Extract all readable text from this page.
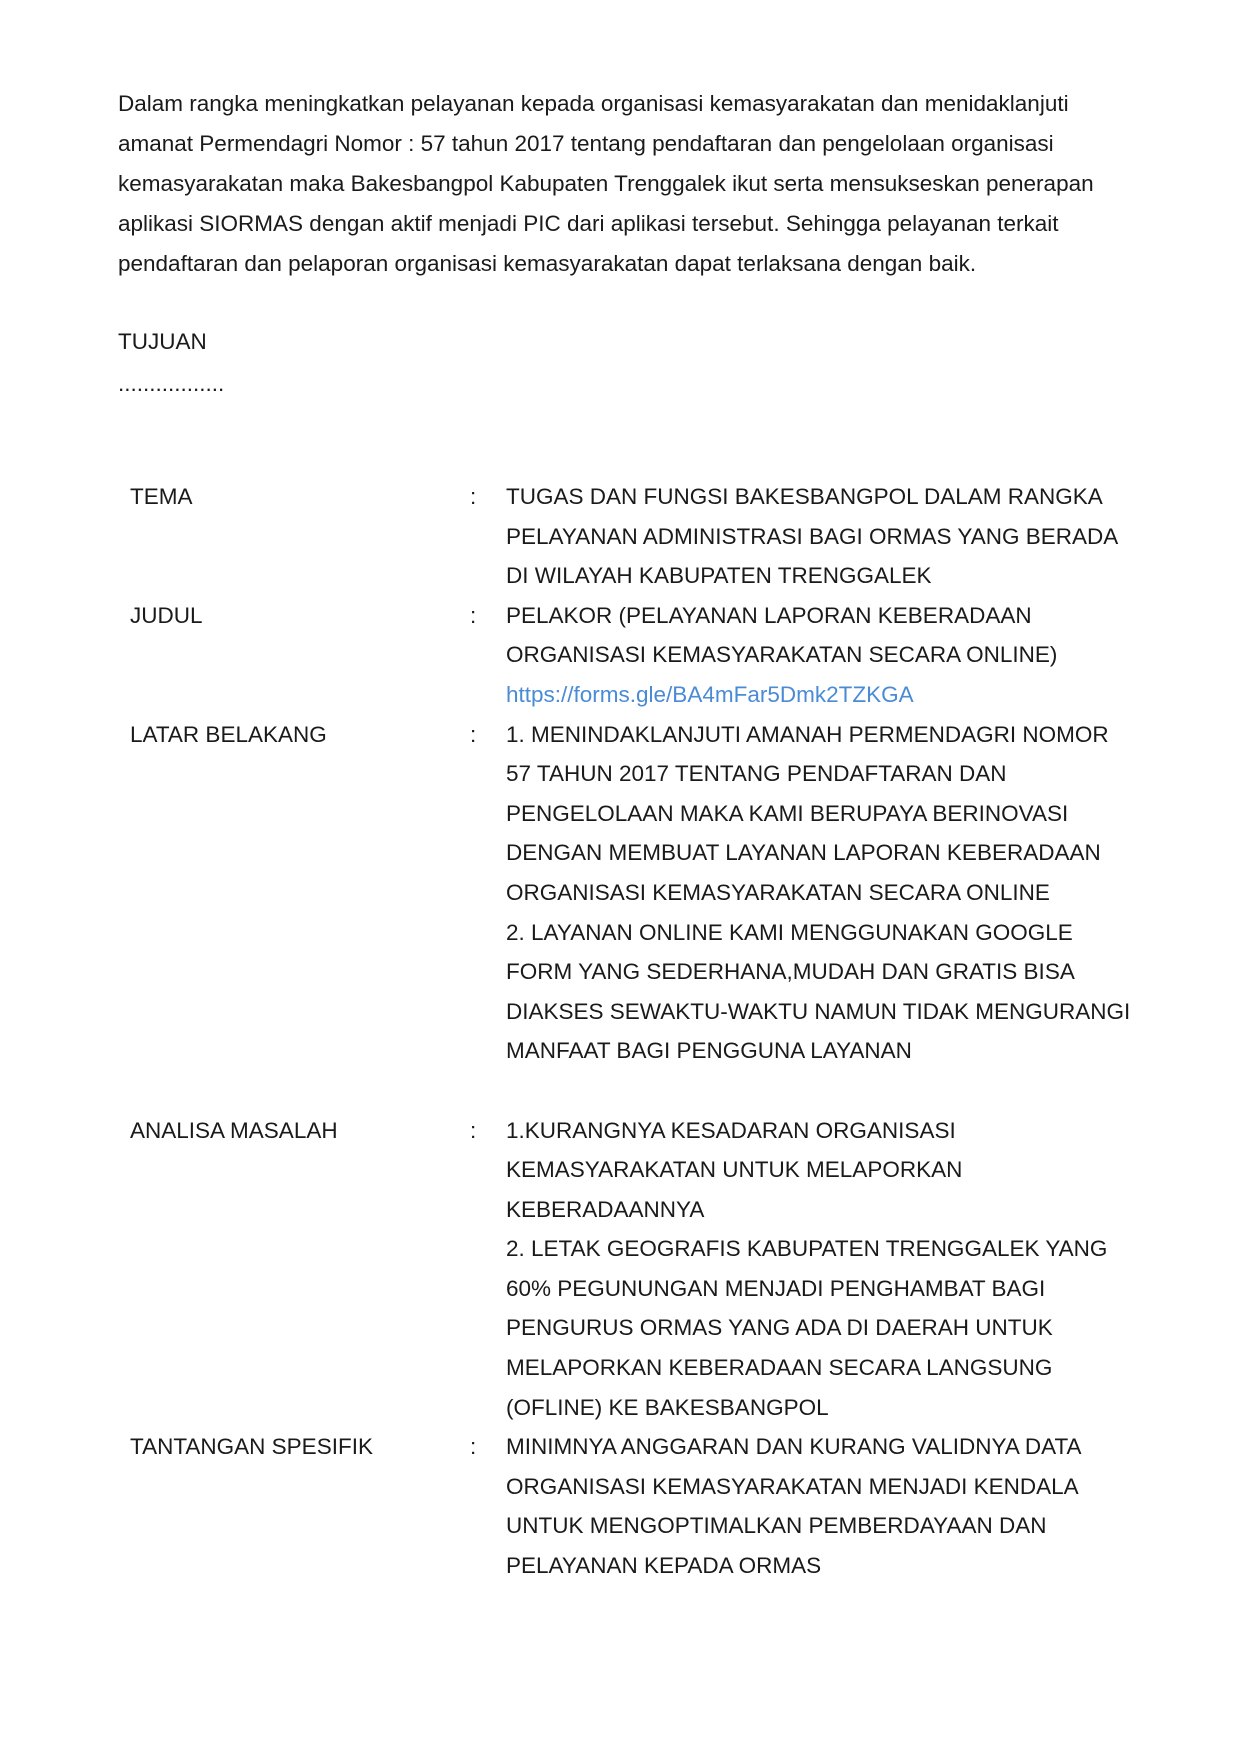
Dalam rangka meningkatkan pelayanan kepada organisasi kemasyarakatan dan menidaklanjuti
amanat Permendagri Nomor : 57 tahun 2017 tentang pendaftaran dan pengelolaan organisasi
kemasyarakatan maka Bakesbangpol Kabupaten Trenggalek ikut serta mensukseskan penerapan
aplikasi SIORMAS dengan aktif menjadi PIC dari aplikasi tersebut. Sehingga pelayanan terkait
pendaftaran dan pelaporan organisasi kemasyarakatan dapat terlaksana dengan baik.

TUJUAN

.................

TEMA	:	TUGAS DAN FUNGSI BAKESBANGPOL DALAM RANGKA
PELAYANAN ADMINISTRASI BAGI ORMAS YANG BERADA
DI WILAYAH KABUPATEN TRENGGALEK
JUDUL	:	PELAKOR (PELAYANAN LAPORAN KEBERADAAN
ORGANISASI KEMASYARAKATAN SECARA ONLINE)
https://forms.gle/BA4mFar5Dmk2TZKGA
LATAR BELAKANG	:	1. MENINDAKLANJUTI AMANAH PERMENDAGRI NOMOR
57 TAHUN 2017 TENTANG PENDAFTARAN DAN
PENGELOLAAN MAKA KAMI BERUPAYA BERINOVASI
DENGAN MEMBUAT LAYANAN LAPORAN KEBERADAAN
ORGANISASI KEMASYARAKATAN SECARA ONLINE
2. LAYANAN ONLINE KAMI MENGGUNAKAN GOOGLE
FORM YANG SEDERHANA,MUDAH DAN GRATIS BISA
DIAKSES SEWAKTU-WAKTU NAMUN TIDAK MENGURANGI
MANFAAT BAGI PENGGUNA LAYANAN
ANALISA MASALAH	:	1.KURANGNYA KESADARAN ORGANISASI
KEMASYARAKATAN UNTUK MELAPORKAN
KEBERADAANNYA
2. LETAK GEOGRAFIS KABUPATEN TRENGGALEK YANG
60% PEGUNUNGAN MENJADI PENGHAMBAT BAGI
PENGURUS ORMAS YANG ADA DI DAERAH UNTUK
MELAPORKAN KEBERADAAN SECARA LANGSUNG
(OFLINE) KE BAKESBANGPOL
TANTANGAN SPESIFIK	:	MINIMNYA ANGGARAN DAN KURANG VALIDNYA DATA
ORGANISASI KEMASYARAKATAN MENJADI KENDALA
UNTUK MENGOPTIMALKAN PEMBERDAYAAN DAN
PELAYANAN KEPADA ORMAS
